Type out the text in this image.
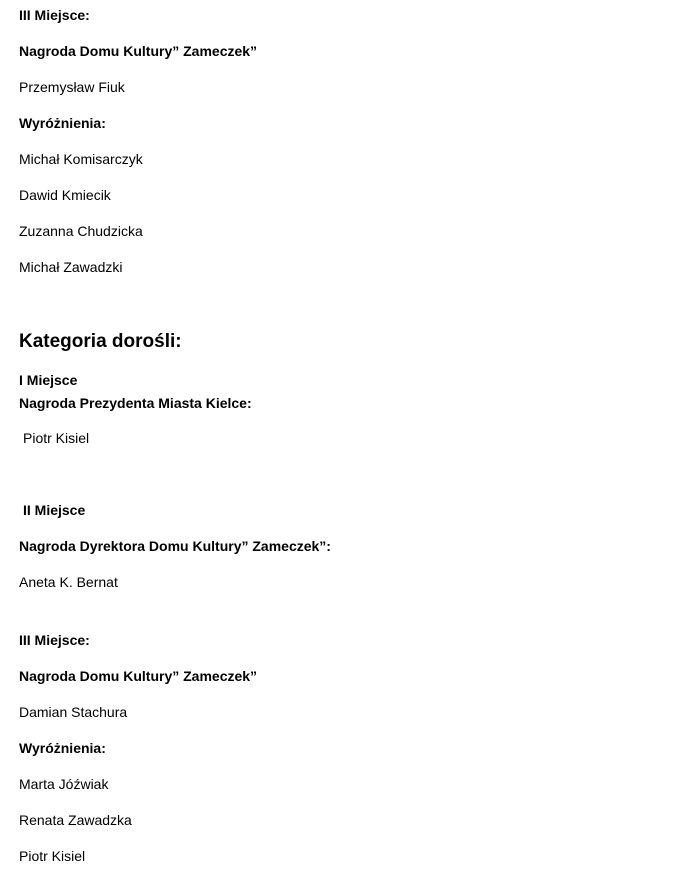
III Miejsce:
Nagroda Domu Kultury” Zameczek”
Przemysław Fiuk
Wyróżnienia:
Michał Komisarczyk
Dawid Kmiecik
Zuzanna Chudzicka
Michał Zawadzki
Kategoria dorośli:
I Miejsce
Nagroda Prezydenta Miasta Kielce:
Piotr Kisiel
II Miejsce
Nagroda Dyrektora Domu Kultury” Zameczek”:
Aneta K. Bernat
III Miejsce:
Nagroda Domu Kultury” Zameczek”
Damian Stachura
Wyróżnienia:
Marta Jóźwiak
Renata Zawadzka
Piotr Kisiel
